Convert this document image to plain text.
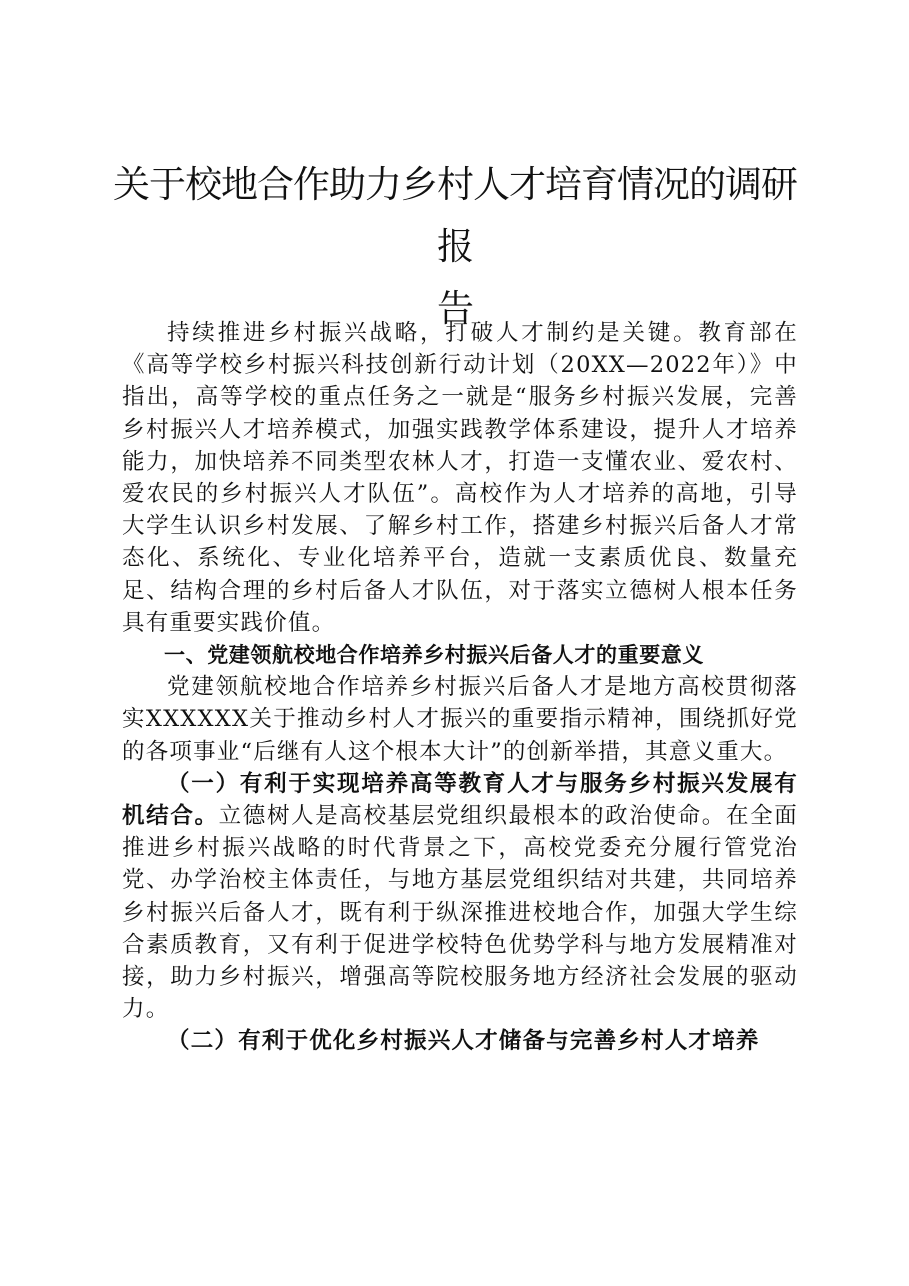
关于校地合作助力乡村人才培育情况的调研报
告

持续推进乡村振兴战略，打破人才制约是关键。教育部在《高等学校乡村振兴科技创新行动计划（20XX—2022年）》中指出，高等学校的重点任务之一就是“服务乡村振兴发展，完善乡村振兴人才培养模式，加强实践教学体系建设，提升人才培养能力，加快培养不同类型农林人才，打造一支懂农业、爱农村、爱农民的乡村振兴人才队伍”。高校作为人才培养的高地，引导大学生认识乡村发展、了解乡村工作，搭建乡村振兴后备人才常态化、系统化、专业化培养平台，造就一支素质优良、数量充足、结构合理的乡村后备人才队伍，对于落实立德树人根本任务具有重要实践价值。

一、党建领航校地合作培养乡村振兴后备人才的重要意义

党建领航校地合作培养乡村振兴后备人才是地方高校贯彻落实XXXXXX关于推动乡村人才振兴的重要指示精神，围绕抓好党的各项事业“后继有人这个根本大计”的创新举措，其意义重大。

（一）有利于实现培养高等教育人才与服务乡村振兴发展有机结合。立德树人是高校基层党组织最根本的政治使命。在全面推进乡村振兴战略的时代背景之下，高校党委充分履行管党治党、办学治校主体责任，与地方基层党组织结对共建，共同培养乡村振兴后备人才，既有利于纵深推进校地合作，加强大学生综合素质教育，又有利于促进学校特色优势学科与地方发展精准对接，助力乡村振兴，增强高等院校服务地方经济社会发展的驱动力。

（二）有利于优化乡村振兴人才储备与完善乡村人才培养
